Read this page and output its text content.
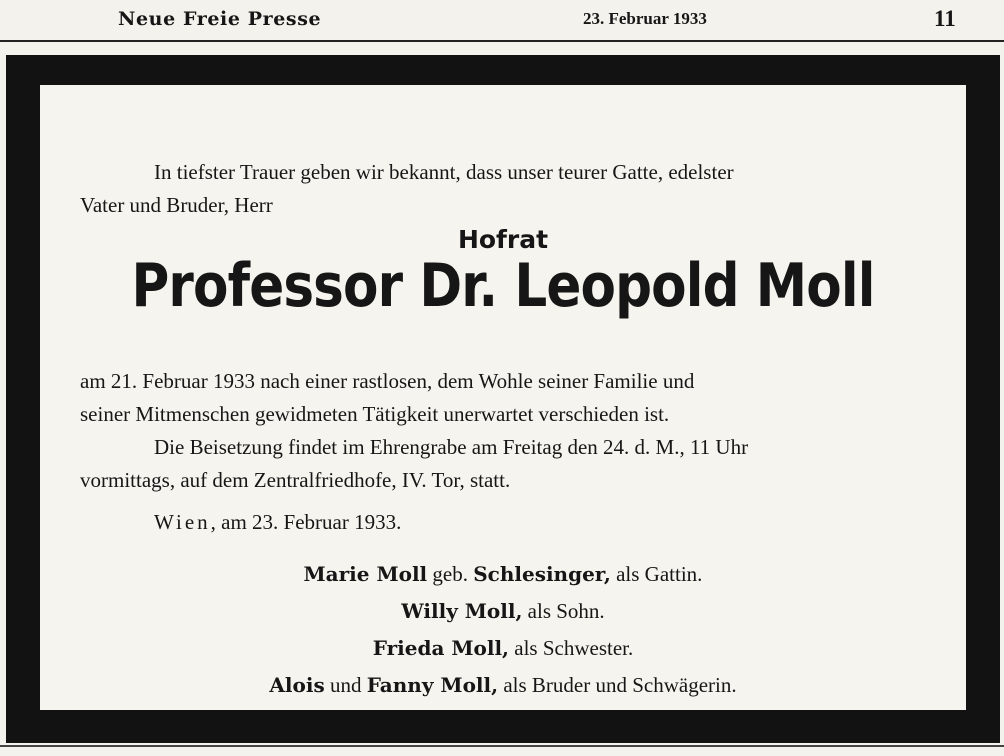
Neue Freie Presse	23. Februar 1933	11
In tiefster Trauer geben wir bekannt, dass unser teurer Gatte, edelster
Vater und Bruder, Herr
Hofrat
Professor Dr. Leopold Moll
am 21. Februar 1933 nach einer rastlosen, dem Wohle seiner Familie und
seiner Mitmenschen gewidmeten Tätigkeit unerwartet verschieden ist.
Die Beisetzung findet im Ehrengrabe am Freitag den 24. d. M., 11 Uhr
vormittags, auf dem Zentralfriedhofe, IV. Tor, statt.
Wien, am 23. Februar 1933.
Marie Moll geb. Schlesinger, als Gattin.
Willy Moll, als Sohn.
Frieda Moll, als Schwester.
Alois und Fanny Moll, als Bruder und Schwägerin.
